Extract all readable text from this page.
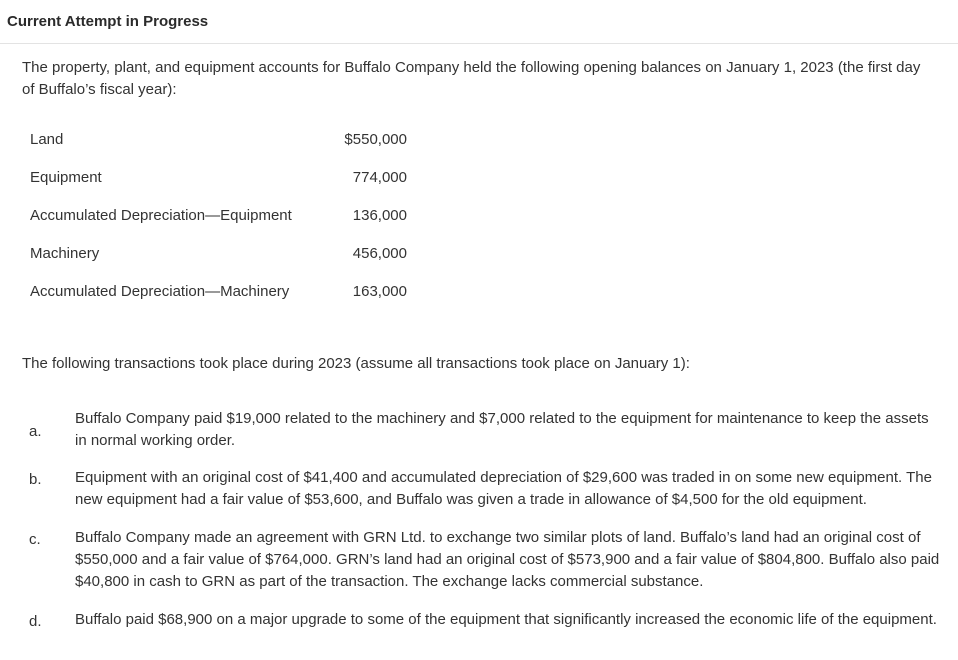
Current Attempt in Progress
The property, plant, and equipment accounts for Buffalo Company held the following opening balances on January 1, 2023 (the first day of Buffalo’s fiscal year):
Land	$550,000
Equipment	774,000
Accumulated Depreciation—Equipment	136,000
Machinery	456,000
Accumulated Depreciation—Machinery	163,000
The following transactions took place during 2023 (assume all transactions took place on January 1):
a.
Buffalo Company paid $19,000 related to the machinery and $7,000 related to the equipment for maintenance to keep the assets in normal working order.
b. Equipment with an original cost of $41,400 and accumulated depreciation of $29,600 was traded in on some new equipment. The new equipment had a fair value of $53,600, and Buffalo was given a trade in allowance of $4,500 for the old equipment.
c. Buffalo Company made an agreement with GRN Ltd. to exchange two similar plots of land. Buffalo’s land had an original cost of $550,000 and a fair value of $764,000. GRN’s land had an original cost of $573,900 and a fair value of $804,800. Buffalo also paid $40,800 in cash to GRN as part of the transaction. The exchange lacks commercial substance.
d. Buffalo paid $68,900 on a major upgrade to some of the equipment that significantly increased the economic life of the equipment.
